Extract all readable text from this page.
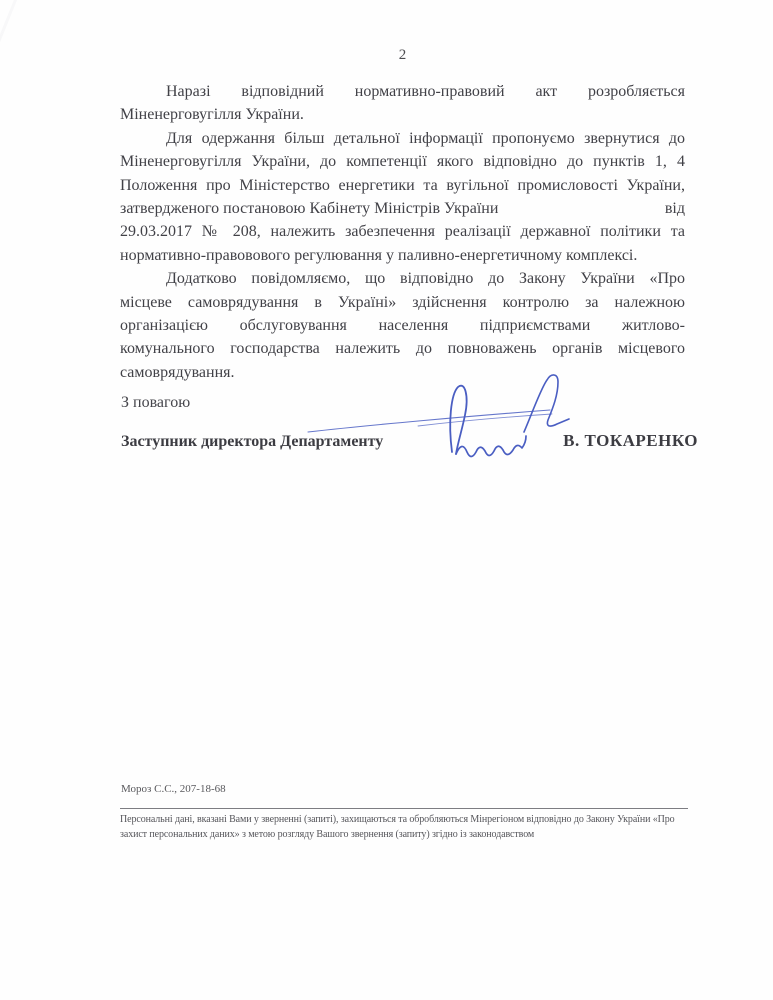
2
Наразі відповідний нормативно-правовий акт розробляється
Міненерговугілля України.
Для одержання більш детальної інформації пропонуємо звернутися до
Міненерговугілля України, до компетенції якого відповідно до пунктів 1, 4
Положення про Міністерство енергетики та вугільної промисловості України,
затвердженого постановою Кабінету Міністрів України	від
29.03.2017 № 208, належить забезпечення реалізації державної політики та
нормативно-правовового регулювання у паливно-енергетичному комплексі.
Додатково повідомляємо, що відповідно до Закону України «Про
місцеве самоврядування в Україні» здійснення контролю за належною
організацією обслуговування населення підприємствами житлово-
комунального господарства належить до повноважень органів місцевого
самоврядування.
З повагою
Заступник директора Департаменту	В. ТОКАРЕНКО
Мороз С.С., 207-18-68
Персональні дані, вказані Вами у зверненні (запиті), захищаються та обробляються Мінрегіоном відповідно до Закону України «Про
захист персональних даних» з метою розгляду Вашого звернення (запиту) згідно із законодавством
